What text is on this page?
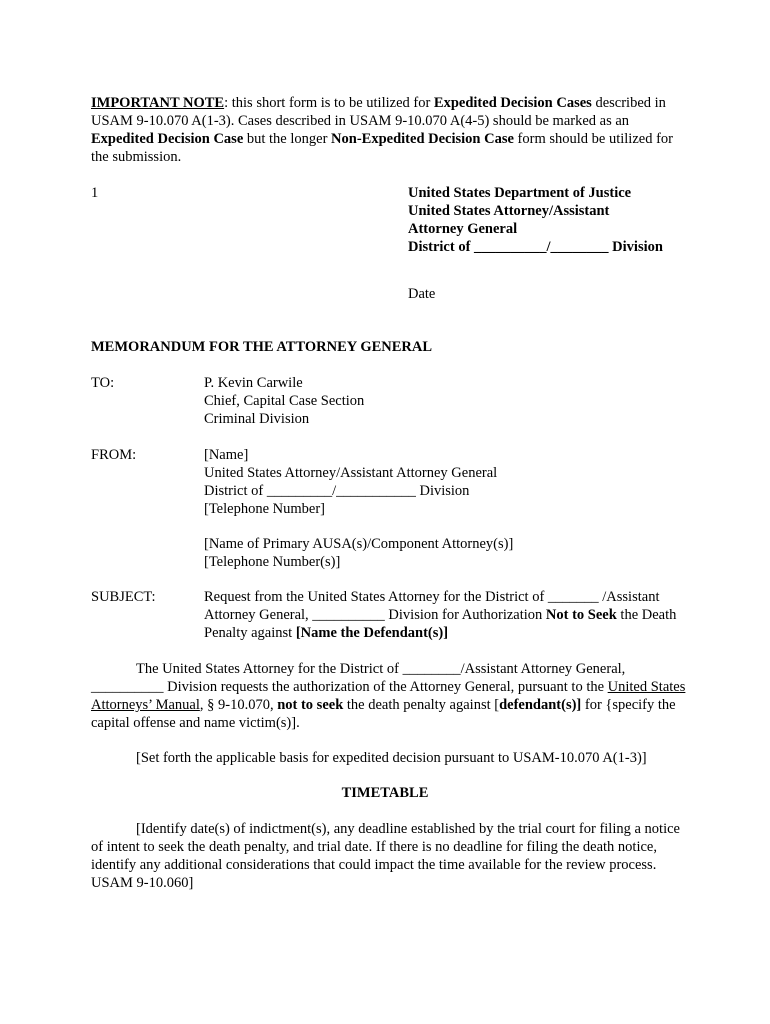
IMPORTANT NOTE: this short form is to be utilized for Expedited Decision Cases described in USAM 9-10.070 A(1-3). Cases described in USAM 9-10.070 A(4-5) should be marked as an Expedited Decision Case but the longer Non-Expedited Decision Case form should be utilized for the submission.

1	United States Department of Justice
United States Attorney/Assistant
Attorney General
District of __________/________ Division
Date
MEMORANDUM FOR THE ATTORNEY GENERAL
TO:	P. Kevin Carwile
Chief, Capital Case Section
Criminal Division
FROM:	[Name]
United States Attorney/Assistant Attorney General
District of _________/___________ Division
[Telephone Number]
[Name of Primary AUSA(s)/Component Attorney(s)]
[Telephone Number(s)]
SUBJECT:	Request from the United States Attorney for the District of _______ /Assistant Attorney General, __________ Division for Authorization Not to Seek the Death Penalty against [Name the Defendant(s)]

The United States Attorney for the District of ________/Assistant Attorney General, __________ Division requests the authorization of the Attorney General, pursuant to the United States Attorneys’ Manual, § 9-10.070, not to seek the death penalty against [defendant(s)] for {specify the capital offense and name victim(s)].

[Set forth the applicable basis for expedited decision pursuant to USAM-10.070 A(1-3)]

TIMETABLE

[Identify date(s) of indictment(s), any deadline established by the trial court for filing a notice of intent to seek the death penalty, and trial date. If there is no deadline for filing the death notice, identify any additional considerations that could impact the time available for the review process. USAM 9-10.060]
